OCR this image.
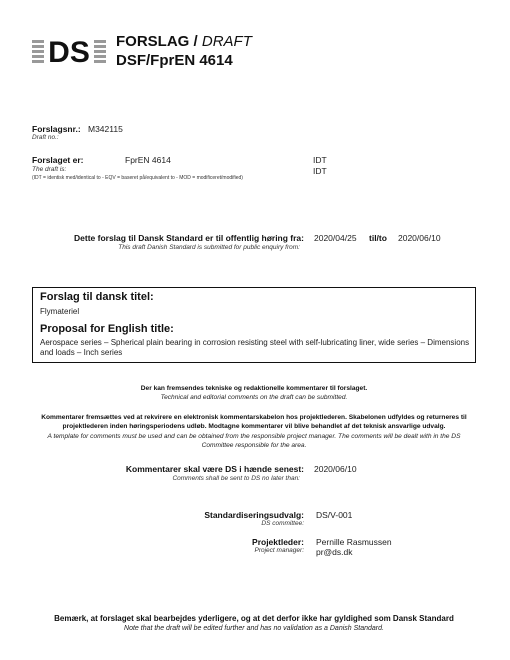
DS FORSLAG / DRAFT
DSF/FprEN 4614
Forslagsnr.: M342115
Draft no.:
Forslaget er:	FprEN 4614	IDT
The draft is:	IDT
(IDT = identisk med/identical to - EQV = baseret på/equivalent to - MOD = modificeret/modified)
Dette forslag til Dansk Standard er til offentlig høring fra:
This draft Danish Standard is submitted for public enquiry from:
2020/04/25 til/to 2020/06/10
Forslag til dansk titel:
Flymateriel
Proposal for English title:
Aerospace series – Spherical plain bearing in corrosion resisting steel with self-lubricating liner, wide series – Dimensions and loads – Inch series
Der kan fremsendes tekniske og redaktionelle kommentarer til forslaget.
Technical and editorial comments on the draft can be submitted.
Kommentarer fremsættes ved at rekvirere en elektronisk kommentarskabelon hos projektlederen. Skabelonen udfyldes og returneres til projektlederen inden høringsperiodens udløb. Modtagne kommentarer vil blive behandlet af det teknisk ansvarlige udvalg.
A template for comments must be used and can be obtained from the responsible project manager. The comments will be dealt with in the DS Committee responsible for the area.
Kommentarer skal være DS i hænde senest:
Comments shall be sent to DS no later than:
2020/06/10
Standardiseringsudvalg:
DS committee:
DS/V-001
Projektleder:
Project manager:
Pernille Rasmussen
pr@ds.dk
Bemærk, at forslaget skal bearbejdes yderligere, og at det derfor ikke har gyldighed som Dansk Standard
Note that the draft will be edited further and has no validation as a Danish Standard.
